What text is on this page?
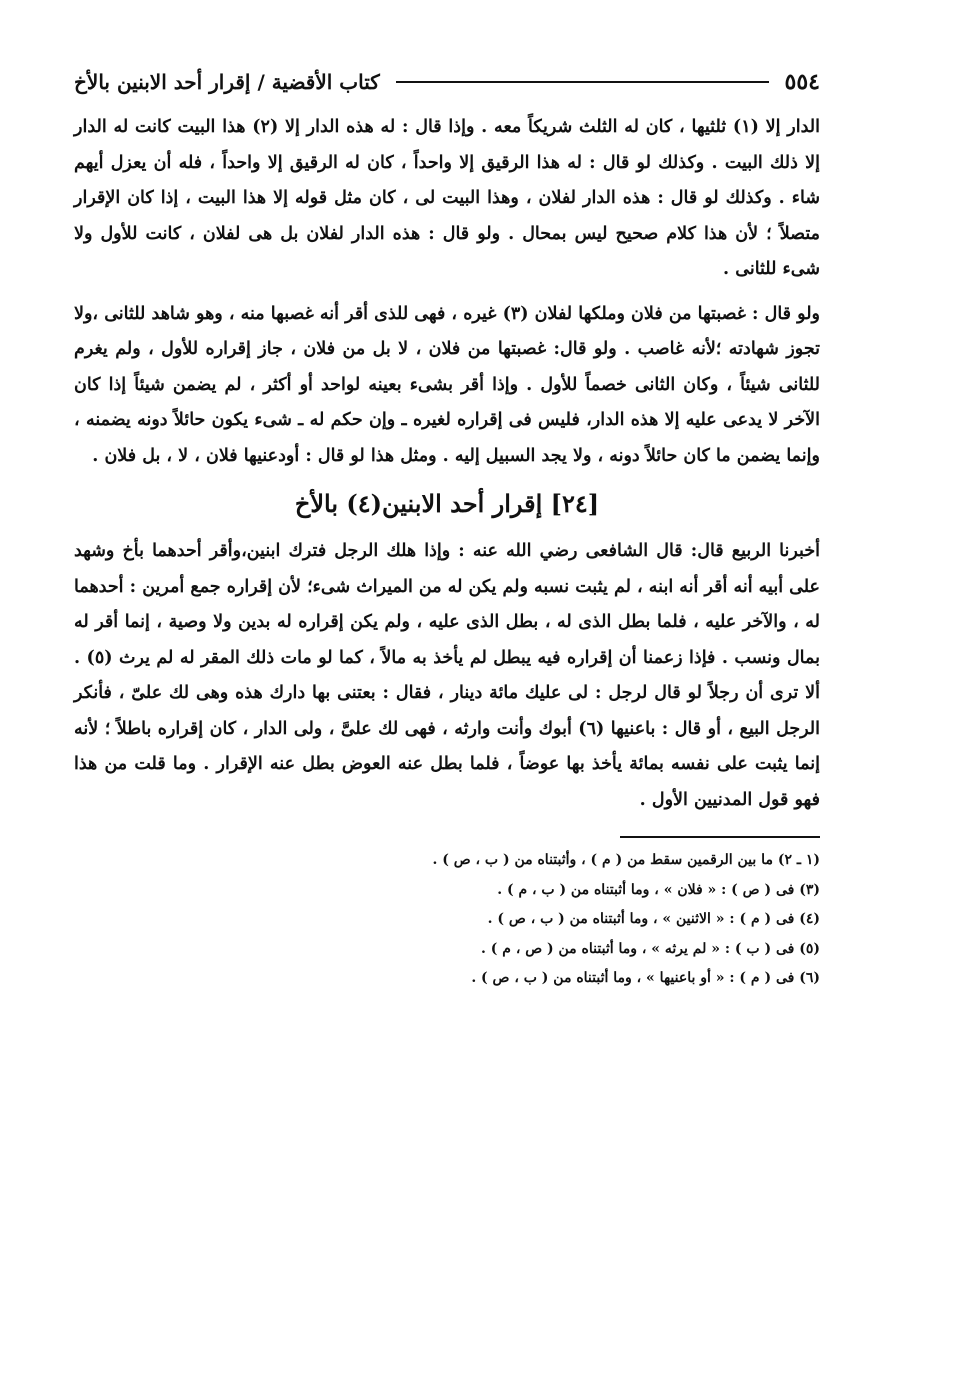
٥٥٤
كتاب الأقضية / إقرار أحد الابنين بالأخ

الدار إلا (١) ثلثيها ، كان له الثلث شريكاً معه . وإذا قال : له هذه الدار إلا (٢) هذا البيت كانت له الدار إلا ذلك البيت . وكذلك لو قال : له هذا الرقيق إلا واحداً ، كان له الرقيق إلا واحداً ، فله أن يعزل أيهم شاء . وكذلك لو قال : هذه الدار لفلان ، وهذا البيت لى ، كان مثل قوله إلا هذا البيت ، إذا كان الإقرار متصلاً ؛ لأن هذا كلام صحيح ليس بمحال . ولو قال : هذه الدار لفلان بل هى لفلان ، كانت للأول ولا شىء للثانى .

ولو قال : غصبتها من فلان وملكها لفلان (٣) غيره ، فهى للذى أقر أنه غصبها منه ، وهو شاهد للثانى ،ولا تجوز شهادته ؛لأنه غاصب . ولو قال: غصبتها من فلان ، لا بل من فلان ، جاز إقراره للأول ، ولم يغرم للثانى شيئاً ، وكان الثانى خصماً للأول . وإذا أقر بشىء بعينه لواحد أو أكثر ، لم يضمن شيئاً إذا كان الآخر لا يدعى عليه إلا هذه الدار، فليس فى إقراره لغيره ـ وإن حكم له ـ شىء يكون حائلاً دونه يضمنه ، وإنما يضمن ما كان حائلاً دونه ، ولا يجد السبيل إليه . ومثل هذا لو قال : أودعنيها فلان ، لا ، بل فلان .

[٢٤] إقرار أحد الابنين(٤) بالأخ

أخبرنا الربيع قال: قال الشافعى رضي الله عنه : وإذا هلك الرجل فترك ابنين،وأقر أحدهما بأخ وشهد على أبيه أنه أقر أنه ابنه ، لم يثبت نسبه ولم يكن له من الميراث شىء؛ لأن إقراره جمع أمرين : أحدهما له ، والآخر عليه ، فلما بطل الذى له ، بطل الذى عليه ، ولم يكن إقراره له بدين ولا وصية ، إنما أقر له بمال ونسب . فإذا زعمنا أن إقراره فيه يبطل لم يأخذ به مالاً ، كما لو مات ذلك المقر له لم يرث (٥) . ألا ترى أن رجلاً لو قال لرجل : لى عليك مائة دينار ، فقال : بعتنى بها دارك هذه وهى لك علىّ ، فأنكر الرجل البيع ، أو قال : باعنيها (٦) أبوك وأنت وارثه ، فهى لك علىَّ ، ولى الدار ، كان إقراره باطلاً ؛ لأنه إنما يثبت على نفسه بمائة يأخذ بها عوضاً ، فلما بطل عنه العوض بطل عنه الإقرار . وما قلت من هذا فهو قول المدنيين الأول .

(١ ـ ٢) ما بين الرقمين سقط من ( م ) ، وأثبتناه من ( ب ، ص ) .
(٣) فى ( ص ) : « فلان » ، وما أثبتناه من ( ب ، م ) .
(٤) فى ( م ) : « الاثنين » ، وما أثبتناه من ( ب ، ص ) .
(٥) فى ( ب ) : « لم يرثه » ، وما أثبتناه من ( ص ، م ) .
(٦) فى ( م ) : « أو باعنيها » ، وما أثبتناه من ( ب ، ص ) .
